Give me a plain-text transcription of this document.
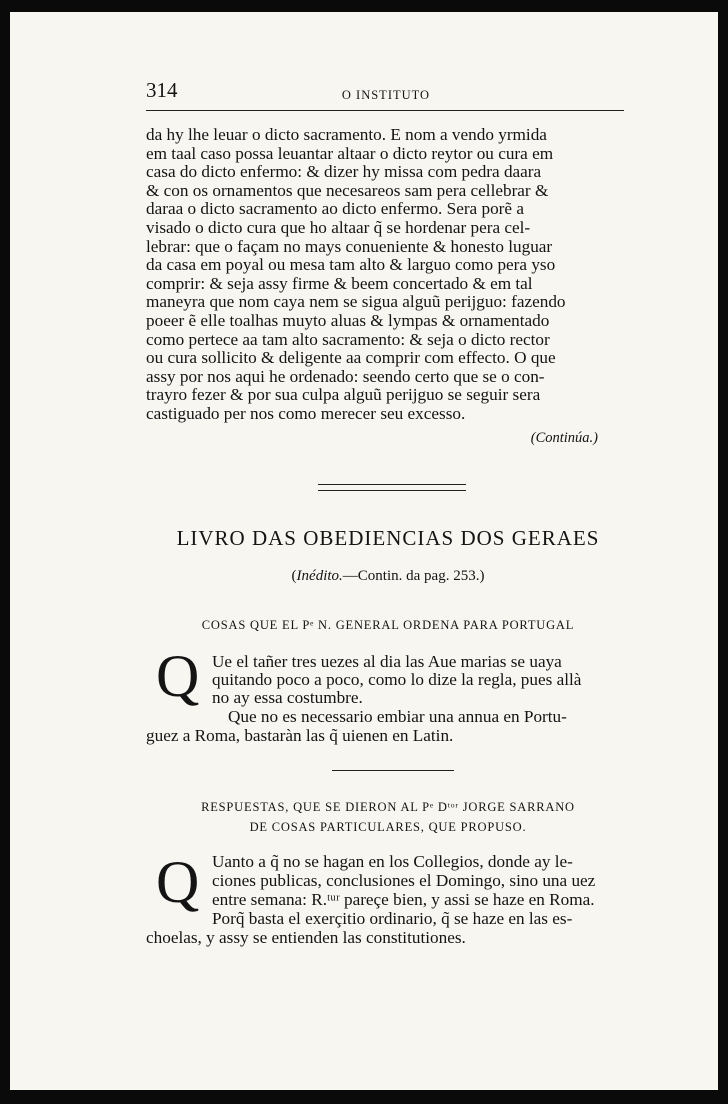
314	O INSTITUTO
da hy lhe leuar o dicto sacramento. E nom a vendo yrmida
em taal caso possa leuantar altaar o dicto reytor ou cura em
casa do dicto enfermo: & dizer hy missa com pedra daara
& con os ornamentos que necesareos sam pera cellebrar &
daraa o dicto sacramento ao dicto enfermo. Sera porẽ a
visado o dicto cura que ho altaar q̃ se hordenar pera cel-
lebrar: que o façam no mays conueniente & honesto luguar
da casa em poyal ou mesa tam alto & larguo como pera yso
comprir: & seja assy firme & beem concertado & em tal
maneyra que nom caya nem se sigua alguũ perijguo: fazendo
poeer ẽ elle toalhas muyto aluas & lympas & ornamentado
como pertece aa tam alto sacramento: & seja o dicto rector
ou cura sollicito & deligente aa comprir com effecto. O que
assy por nos aqui he ordenado: seendo certo que se o con-
trayro fezer & por sua culpa alguũ perijguo se seguir sera
castiguado per nos como merecer seu excesso.
(Continúa.)
LIVRO DAS OBEDIENCIAS DOS GERAES
(Inédito.—Contin. da pag. 253.)
COSAS QUE EL Pᵉ N. GENERAL ORDENA PARA PORTUGAL
Q Ue el tañer tres uezes al dia las Aue marias se uaya
quitando poco a poco, como lo dize la regla, pues allà
no ay essa costumbre.
Que no es necessario embiar una annua en Portu-
guez a Roma, bastaràn las q̃ uienen en Latin.
RESPUESTAS, QUE SE DIERON AL Pᵉ Dᵗᵒʳ JORGE SARRANO
DE COSAS PARTICULARES, QUE PROPUSO.
Q Uanto a q̃ no se hagan en los Collegios, donde ay le-
ciones publicas, conclusiones el Domingo, sino una uez
entre semana: R.ᵗᵘʳ pareçe bien, y assi se haze en Roma.
Porq̃ basta el exerçitio ordinario, q̃ se haze en las es-
choelas, y assy se entienden las constitutiones.
